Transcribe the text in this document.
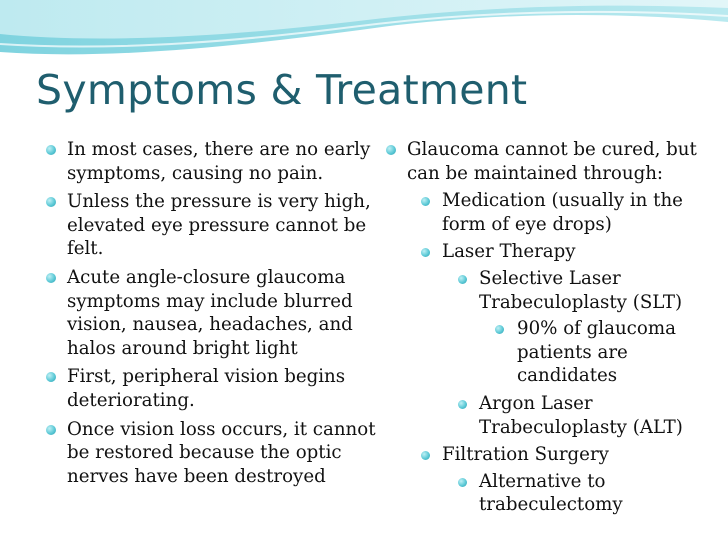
Symptoms & Treatment
In most cases, there are no early symptoms, causing no pain.
Unless the pressure is very high, elevated eye pressure cannot be felt.
Acute angle-closure glaucoma symptoms may include blurred vision, nausea, headaches, and halos around bright light
First, peripheral vision begins deteriorating.
Once vision loss occurs, it cannot be restored because the optic nerves have been destroyed
Glaucoma cannot be cured, but can be maintained through:
Medication (usually in the form of eye drops)
Laser Therapy
Selective Laser Trabeculoplasty (SLT)
90% of glaucoma patients are candidates
Argon Laser Trabeculoplasty (ALT)
Filtration Surgery
Alternative to trabeculectomy
